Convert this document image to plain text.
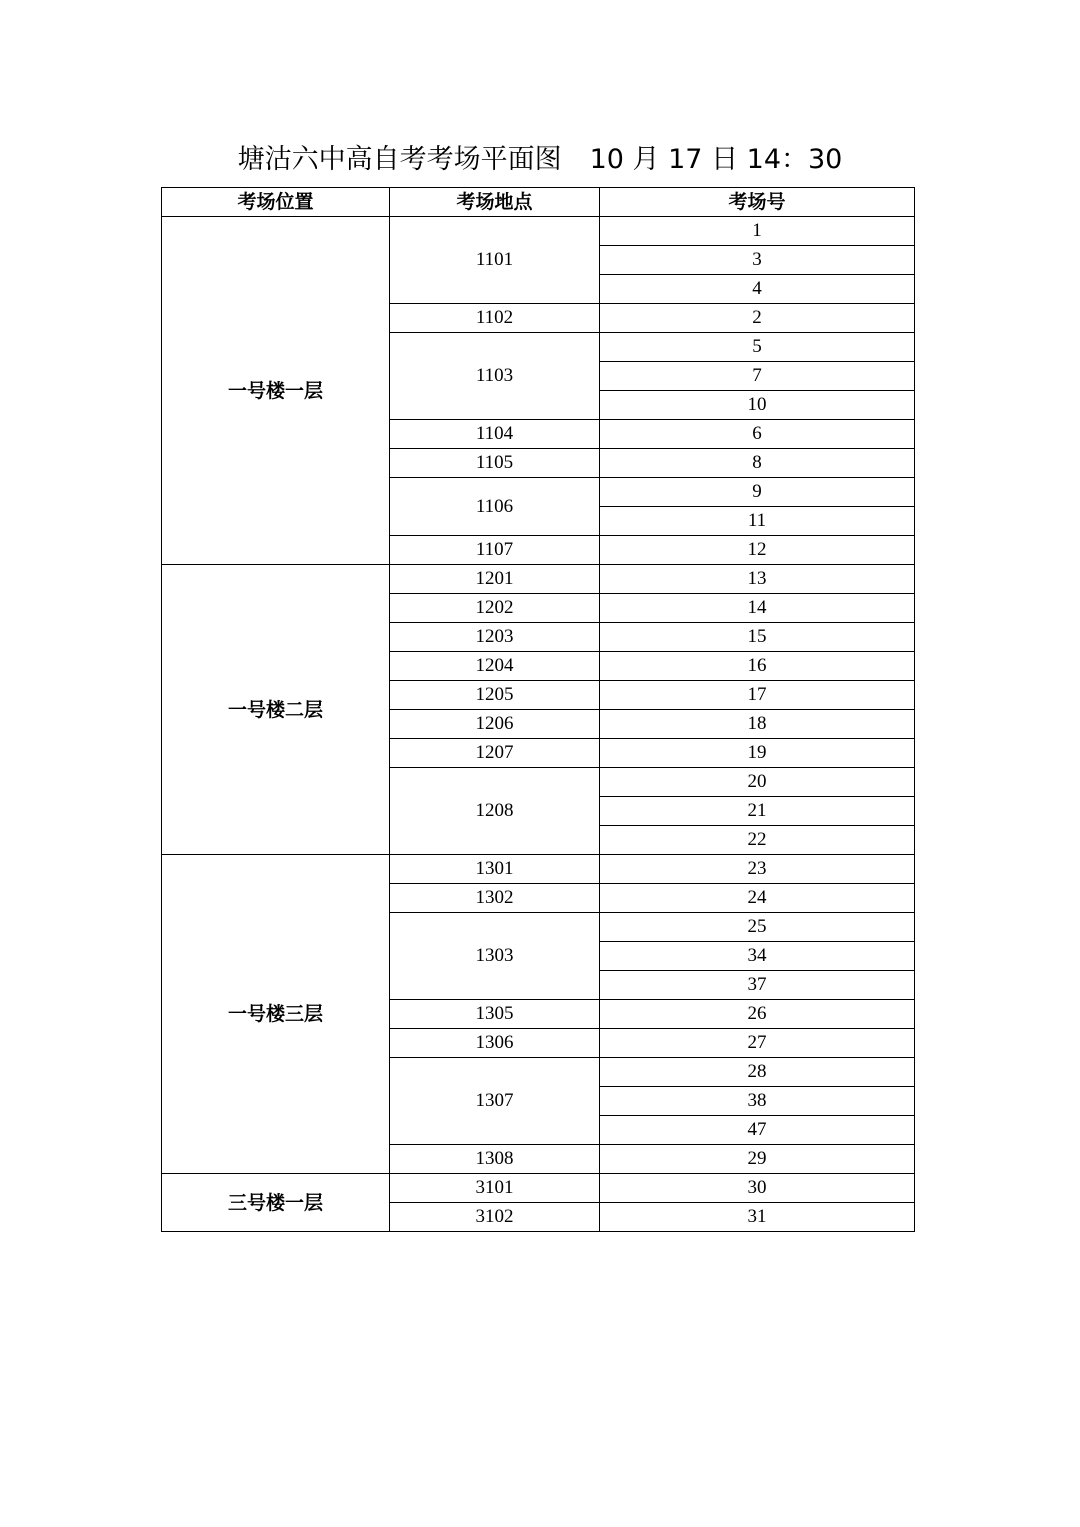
塘沽六中高自考考场平面图 10 月 17 日 14：30
考场位置	考场地点	考场号
一号楼一层	1101	1
		3
		4
	1102	2
	1103	5
		7
		10
	1104	6
	1105	8
	1106	9
		11
	1107	12
一号楼二层	1201	13
	1202	14
	1203	15
	1204	16
	1205	17
	1206	18
	1207	19
	1208	20
		21
		22
一号楼三层	1301	23
	1302	24
	1303	25
		34
		37
	1305	26
	1306	27
	1307	28
		38
		47
	1308	29
三号楼一层	3101	30
	3102	31
